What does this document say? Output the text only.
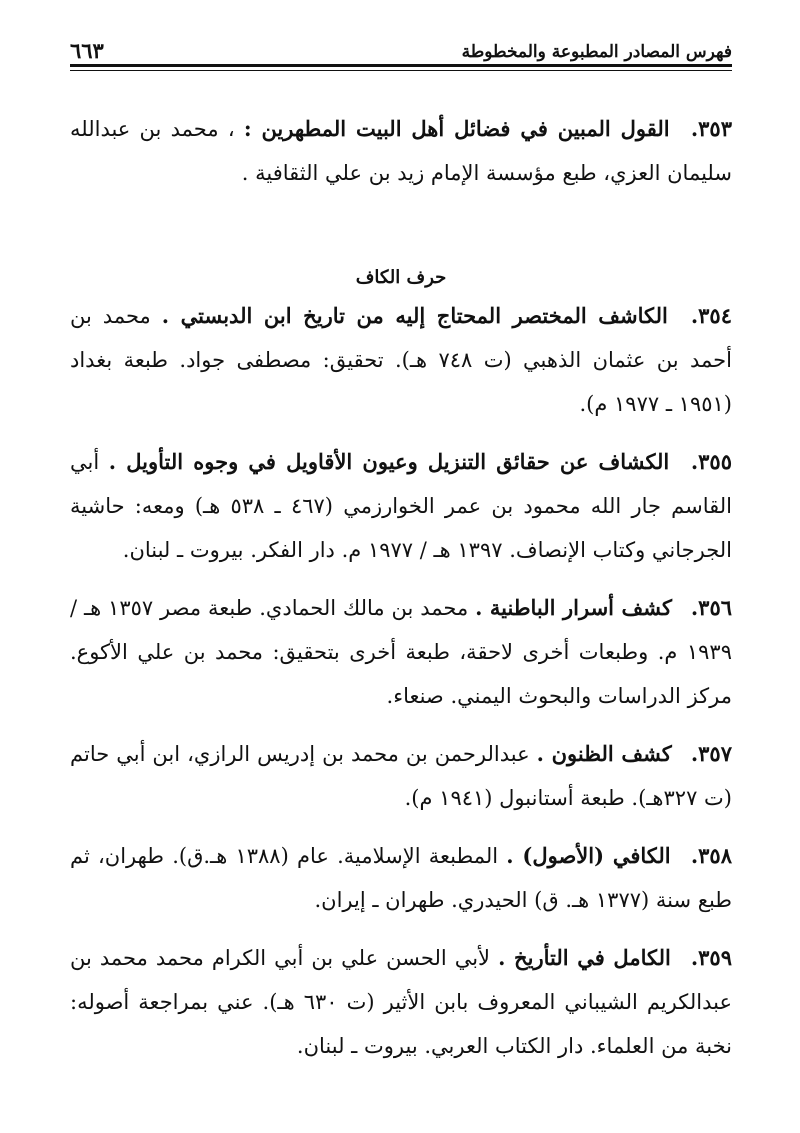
فهرس المصادر المطبوعة والمخطوطة
٦٦٣

٣٥٣. القول المبين في فضائل أهل البيت المطهرين : ، محمد بن عبدالله سليمان العزي، طبع مؤسسة الإمام زيد بن علي الثقافية .

حرف الكاف

٣٥٤. الكاشف المختصر المحتاج إليه من تاريخ ابن الدبستي . محمد بن أحمد بن عثمان الذهبي (ت ٧٤٨ هـ). تحقيق: مصطفى جواد. طبعة بغداد (١٩٥١ ـ ١٩٧٧ م).

٣٥٥. الكشاف عن حقائق التنزيل وعيون الأقاويل في وجوه التأويل . أبي القاسم جار الله محمود بن عمر الخوارزمي (٤٦٧ ـ ٥٣٨ هـ) ومعه: حاشية الجرجاني وكتاب الإنصاف. ١٣٩٧ هـ / ١٩٧٧ م. دار الفكر. بيروت ـ لبنان.

٣٥٦. كشف أسرار الباطنية . محمد بن مالك الحمادي. طبعة مصر ١٣٥٧ هـ / ١٩٣٩ م. وطبعات أخرى لاحقة، طبعة أخرى بتحقيق: محمد بن علي الأكوع. مركز الدراسات والبحوث اليمني. صنعاء.

٣٥٧. كشف الظنون . عبدالرحمن بن محمد بن إدريس الرازي، ابن أبي حاتم (ت ٣٢٧هـ). طبعة أستانبول (١٩٤١ م).

٣٥٨. الكافي (الأصول) . المطبعة الإسلامية. عام (١٣٨٨ هـ.ق). طهران، ثم طبع سنة (١٣٧٧ هـ. ق) الحيدري. طهران ـ إيران.

٣٥٩. الكامل في التأريخ . لأبي الحسن علي بن أبي الكرام محمد محمد بن عبدالكريم الشيباني المعروف بابن الأثير (ت ٦٣٠ هـ). عني بمراجعة أصوله: نخبة من العلماء. دار الكتاب العربي. بيروت ـ لبنان.
